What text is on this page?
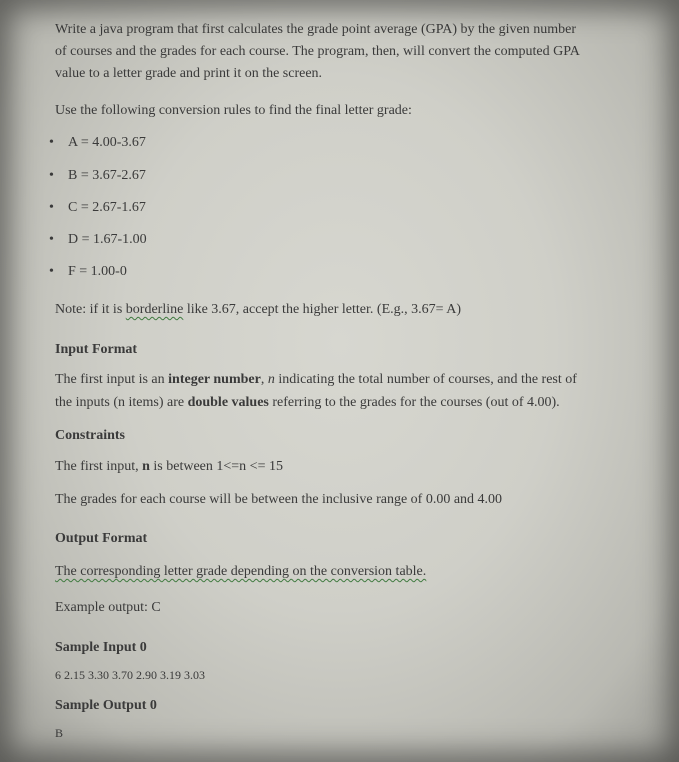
Write a java program that first calculates the grade point average (GPA) by the given number

of courses and the grades for each course. The program, then, will convert the computed GPA

value to a letter grade and print it on the screen.

Use the following conversion rules to find the final letter grade:

• A = 4.00-3.67
• B = 3.67-2.67
• C = 2.67-1.67
• D = 1.67-1.00
• F = 1.00-0

Note: if it is borderline like 3.67, accept the higher letter. (E.g., 3.67= A)

Input Format

The first input is an integer number, n indicating the total number of courses, and the rest of

the inputs (n items) are double values referring to the grades for the courses (out of 4.00).

Constraints

The first input, n is between 1<=n <= 15

The grades for each course will be between the inclusive range of 0.00 and 4.00

Output Format

The corresponding letter grade depending on the conversion table.

Example output: C

Sample Input 0

6 2.15 3.30 3.70 2.90 3.19 3.03

Sample Output 0

B
